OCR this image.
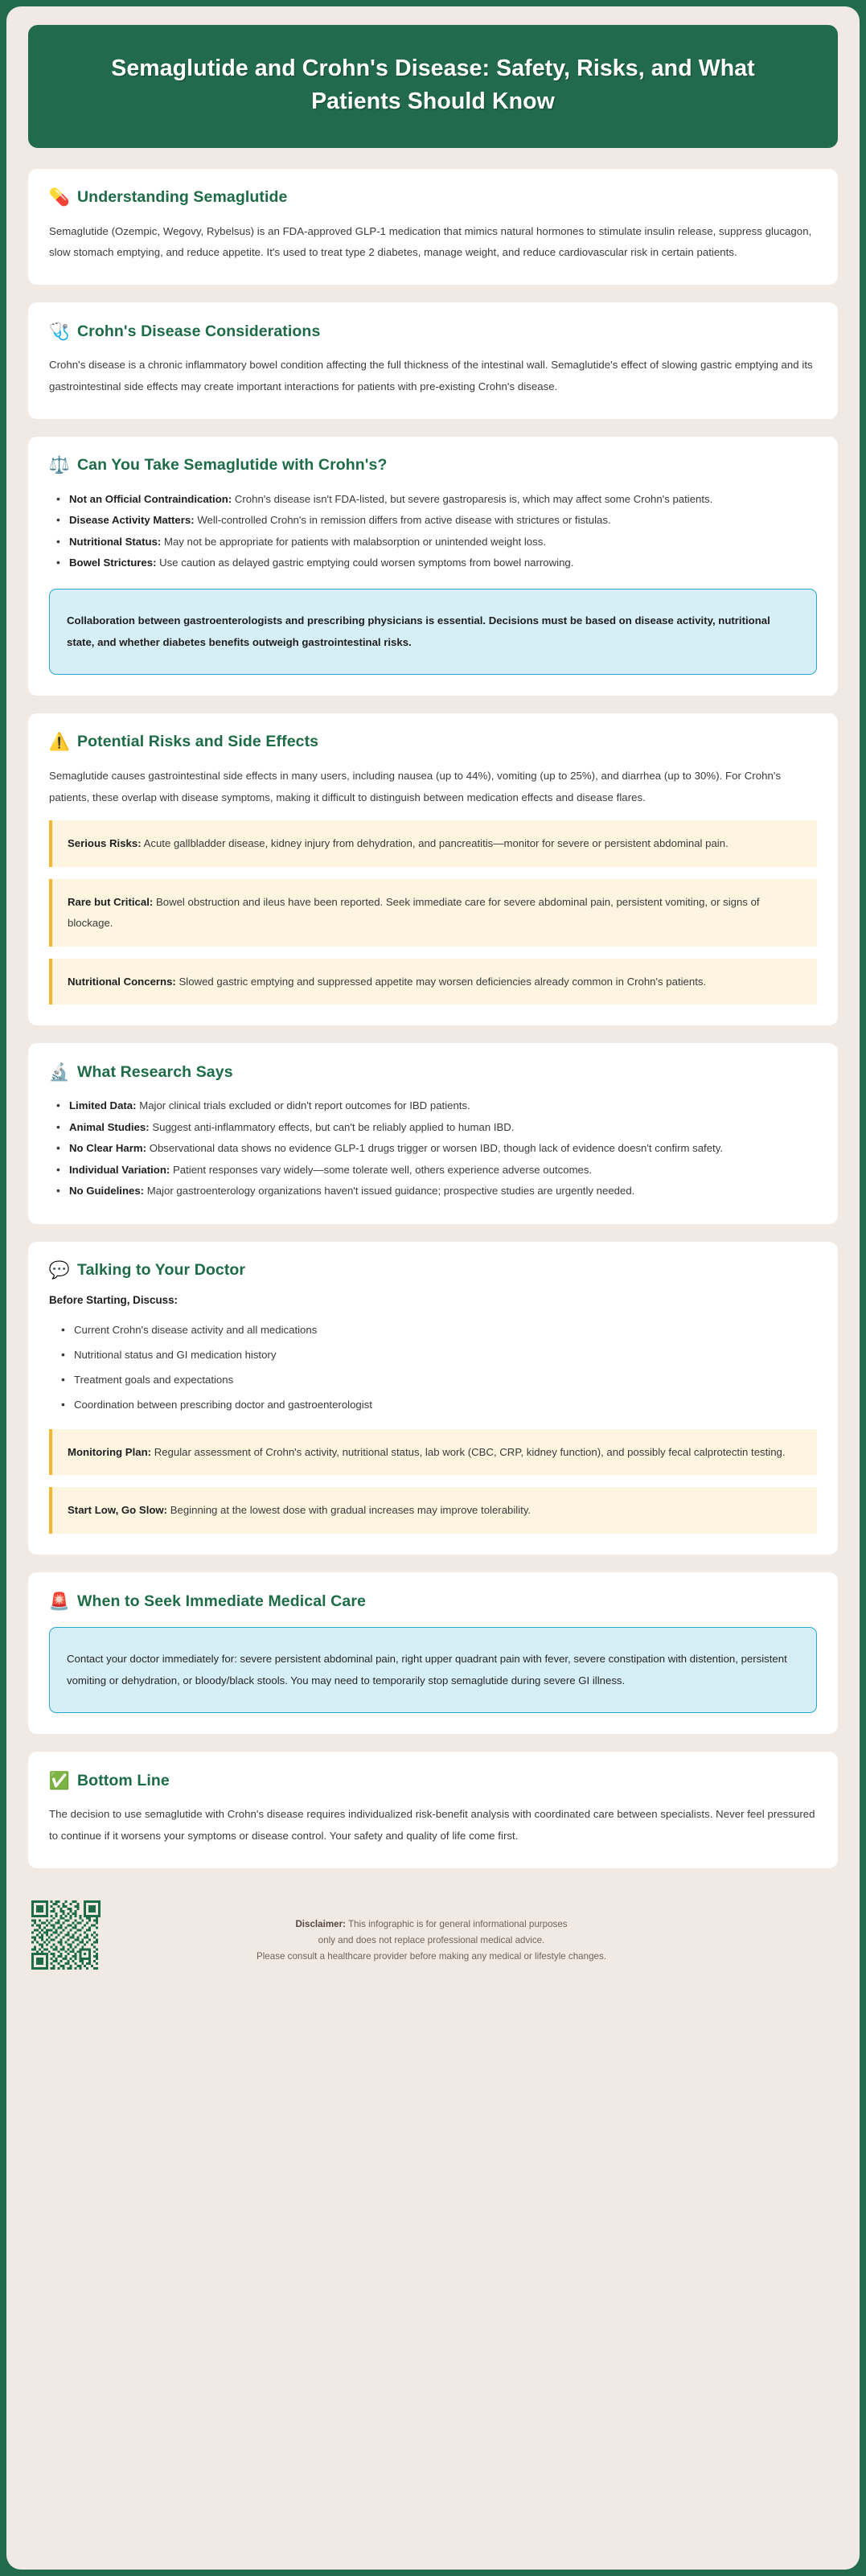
Semaglutide and Crohn's Disease: Safety, Risks, and What Patients Should Know
💊 Understanding Semaglutide
Semaglutide (Ozempic, Wegovy, Rybelsus) is an FDA-approved GLP-1 medication that mimics natural hormones to stimulate insulin release, suppress glucagon, slow stomach emptying, and reduce appetite. It's used to treat type 2 diabetes, manage weight, and reduce cardiovascular risk in certain patients.
🩺 Crohn's Disease Considerations
Crohn's disease is a chronic inflammatory bowel condition affecting the full thickness of the intestinal wall. Semaglutide's effect of slowing gastric emptying and its gastrointestinal side effects may create important interactions for patients with pre-existing Crohn's disease.
⚖️ Can You Take Semaglutide with Crohn's?
• Not an Official Contraindication: Crohn's disease isn't FDA-listed, but severe gastroparesis is, which may affect some Crohn's patients.
• Disease Activity Matters: Well-controlled Crohn's in remission differs from active disease with strictures or fistulas.
• Nutritional Status: May not be appropriate for patients with malabsorption or unintended weight loss.
• Bowel Strictures: Use caution as delayed gastric emptying could worsen symptoms from bowel narrowing.
Collaboration between gastroenterologists and prescribing physicians is essential. Decisions must be based on disease activity, nutritional state, and whether diabetes benefits outweigh gastrointestinal risks.
⚠️ Potential Risks and Side Effects
Semaglutide causes gastrointestinal side effects in many users, including nausea (up to 44%), vomiting (up to 25%), and diarrhea (up to 30%). For Crohn's patients, these overlap with disease symptoms, making it difficult to distinguish between medication effects and disease flares.
Serious Risks: Acute gallbladder disease, kidney injury from dehydration, and pancreatitis—monitor for severe or persistent abdominal pain.
Rare but Critical: Bowel obstruction and ileus have been reported. Seek immediate care for severe abdominal pain, persistent vomiting, or signs of blockage.
Nutritional Concerns: Slowed gastric emptying and suppressed appetite may worsen deficiencies already common in Crohn's patients.
🔬 What Research Says
• Limited Data: Major clinical trials excluded or didn't report outcomes for IBD patients.
• Animal Studies: Suggest anti-inflammatory effects, but can't be reliably applied to human IBD.
• No Clear Harm: Observational data shows no evidence GLP-1 drugs trigger or worsen IBD, though lack of evidence doesn't confirm safety.
• Individual Variation: Patient responses vary widely—some tolerate well, others experience adverse outcomes.
• No Guidelines: Major gastroenterology organizations haven't issued guidance; prospective studies are urgently needed.
💬 Talking to Your Doctor
Before Starting, Discuss:
• Current Crohn's disease activity and all medications
• Nutritional status and GI medication history
• Treatment goals and expectations
• Coordination between prescribing doctor and gastroenterologist
Monitoring Plan: Regular assessment of Crohn's activity, nutritional status, lab work (CBC, CRP, kidney function), and possibly fecal calprotectin testing.
Start Low, Go Slow: Beginning at the lowest dose with gradual increases may improve tolerability.
🚨 When to Seek Immediate Medical Care
Contact your doctor immediately for: severe persistent abdominal pain, right upper quadrant pain with fever, severe constipation with distention, persistent vomiting or dehydration, or bloody/black stools. You may need to temporarily stop semaglutide during severe GI illness.
✅ Bottom Line
The decision to use semaglutide with Crohn's disease requires individualized risk-benefit analysis with coordinated care between specialists. Never feel pressured to continue if it worsens your symptoms or disease control. Your safety and quality of life come first.
Disclaimer: This infographic is for general informational purposes
only and does not replace professional medical advice.
Please consult a healthcare provider before making any medical or lifestyle changes.
